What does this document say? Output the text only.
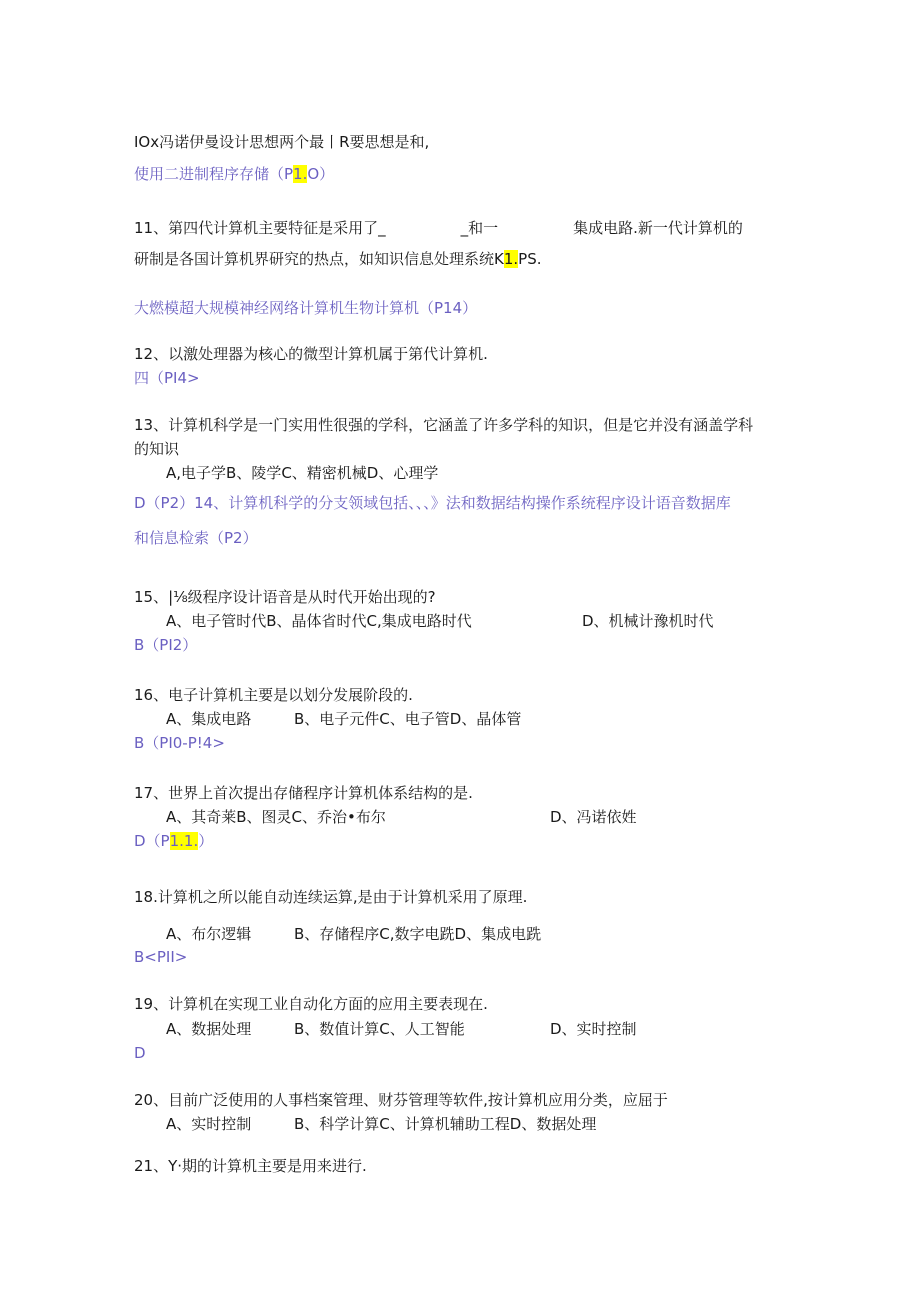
IOx冯诺伊曼设计思想两个最丨R要思想是和,
使用二进制程序存储（P1.O）
11、第四代计算机主要特征是采用了_　　　　　_和一　　　　　集成电路.新一代计算机的
研制是各国计算机界研究的热点，如知识信息处理系统K1.PS.
大燃模超大规模神经网络计算机生物计算机（P14）
12、以激处理器为核心的微型计算机属于第代计算机.
四（PI4>
13、计算机科学是一门实用性很强的学科，它涵盖了许多学科的知识，但是它并没有涵盖学科
的知识
A,电子学B、陵学C、精密机械D、心理学
D（P2）14、计算机科学的分支领域包括、、、》法和数据结构操作系统程序设计语音数据库
和信息检索（P2）
15、|⅛级程序设计语音是从时代开始出现的?
A、电子管时代B、晶体省时代C,集成电路时代	D、机械计豫机时代
B（PI2）
16、电子计算机主要是以划分发展阶段的.
A、集成电路	B、电子元件C、电子管D、晶体管
B（PI0-P!4>
17、世界上首次提出存储程序计算机体系结构的是.
A、其奇莱B、图灵C、乔治•布尔	D、冯诺依姓
D（P1.1.）
18.计算机之所以能自动连续运算,是由于计算机采用了原理.
A、布尔逻辑	B、存储程序C,数字电跣D、集成电跣
B<PII>
19、计算机在实现工业自动化方面的应用主要表现在.
A、数据处理	B、数值计算C、人工智能	D、实时控制
D
20、目前广泛使用的人事档案管理、财芬管理等软件,按计算机应用分类，应屈于
A、实时控制	B、科学计算C、计算机辅助工程D、数据处理
21、Y·期的计算机主要是用来进行.
